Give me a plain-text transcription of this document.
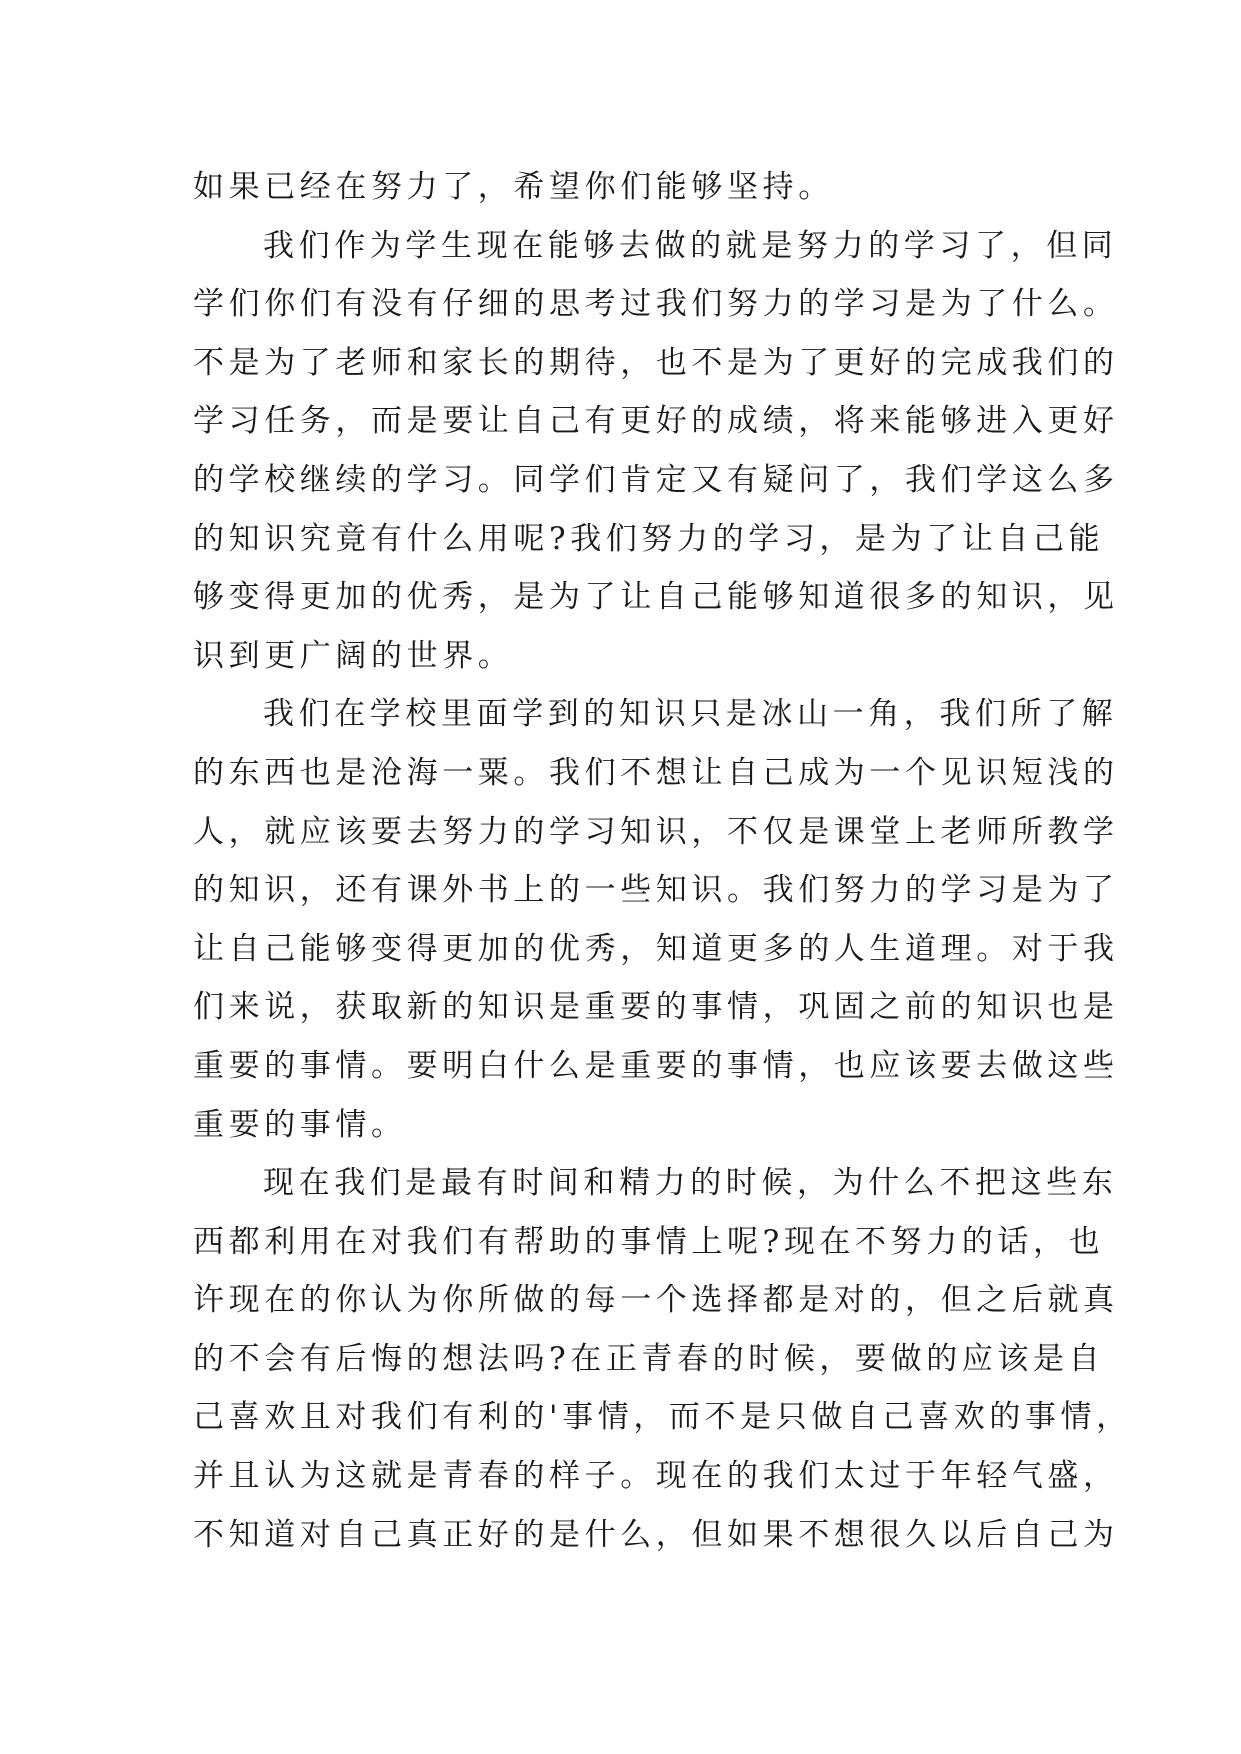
如果已经在努力了，希望你们能够坚持。
我们作为学生现在能够去做的就是努力的学习了，但同
学们你们有没有仔细的思考过我们努力的学习是为了什么。
不是为了老师和家长的期待，也不是为了更好的完成我们的
学习任务，而是要让自己有更好的成绩，将来能够进入更好
的学校继续的学习。同学们肯定又有疑问了，我们学这么多
的知识究竟有什么用呢?我们努力的学习，是为了让自己能
够变得更加的优秀，是为了让自己能够知道很多的知识，见
识到更广阔的世界。
我们在学校里面学到的知识只是冰山一角，我们所了解
的东西也是沧海一粟。我们不想让自己成为一个见识短浅的
人，就应该要去努力的学习知识，不仅是课堂上老师所教学
的知识，还有课外书上的一些知识。我们努力的学习是为了
让自己能够变得更加的优秀，知道更多的人生道理。对于我
们来说，获取新的知识是重要的事情，巩固之前的知识也是
重要的事情。要明白什么是重要的事情，也应该要去做这些
重要的事情。
现在我们是最有时间和精力的时候，为什么不把这些东
西都利用在对我们有帮助的事情上呢?现在不努力的话，也
许现在的你认为你所做的每一个选择都是对的，但之后就真
的不会有后悔的想法吗?在正青春的时候，要做的应该是自
己喜欢且对我们有利的'事情，而不是只做自己喜欢的事情，
并且认为这就是青春的样子。现在的我们太过于年轻气盛，
不知道对自己真正好的是什么，但如果不想很久以后自己为
